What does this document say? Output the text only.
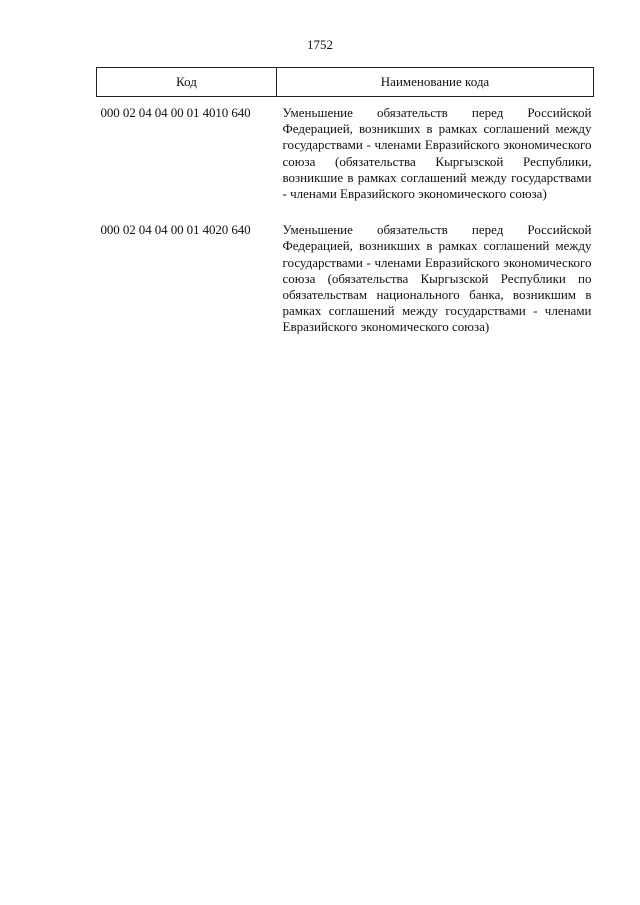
1752
Код	Наименование кода
000 02 04 04 00 01 4010 640	Уменьшение обязательств перед Российской Федерацией, возникших в рамках соглашений между государствами - членами Евразийского экономического союза (обязательства Кыргызской Республики, возникшие в рамках соглашений между государствами - членами Евразийского экономического союза)
000 02 04 04 00 01 4020 640	Уменьшение обязательств перед Российской Федерацией, возникших в рамках соглашений между государствами - членами Евразийского экономического союза (обязательства Кыргызской Республики по обязательствам национального банка, возникшим в рамках соглашений между государствами - членами Евразийского экономического союза)
